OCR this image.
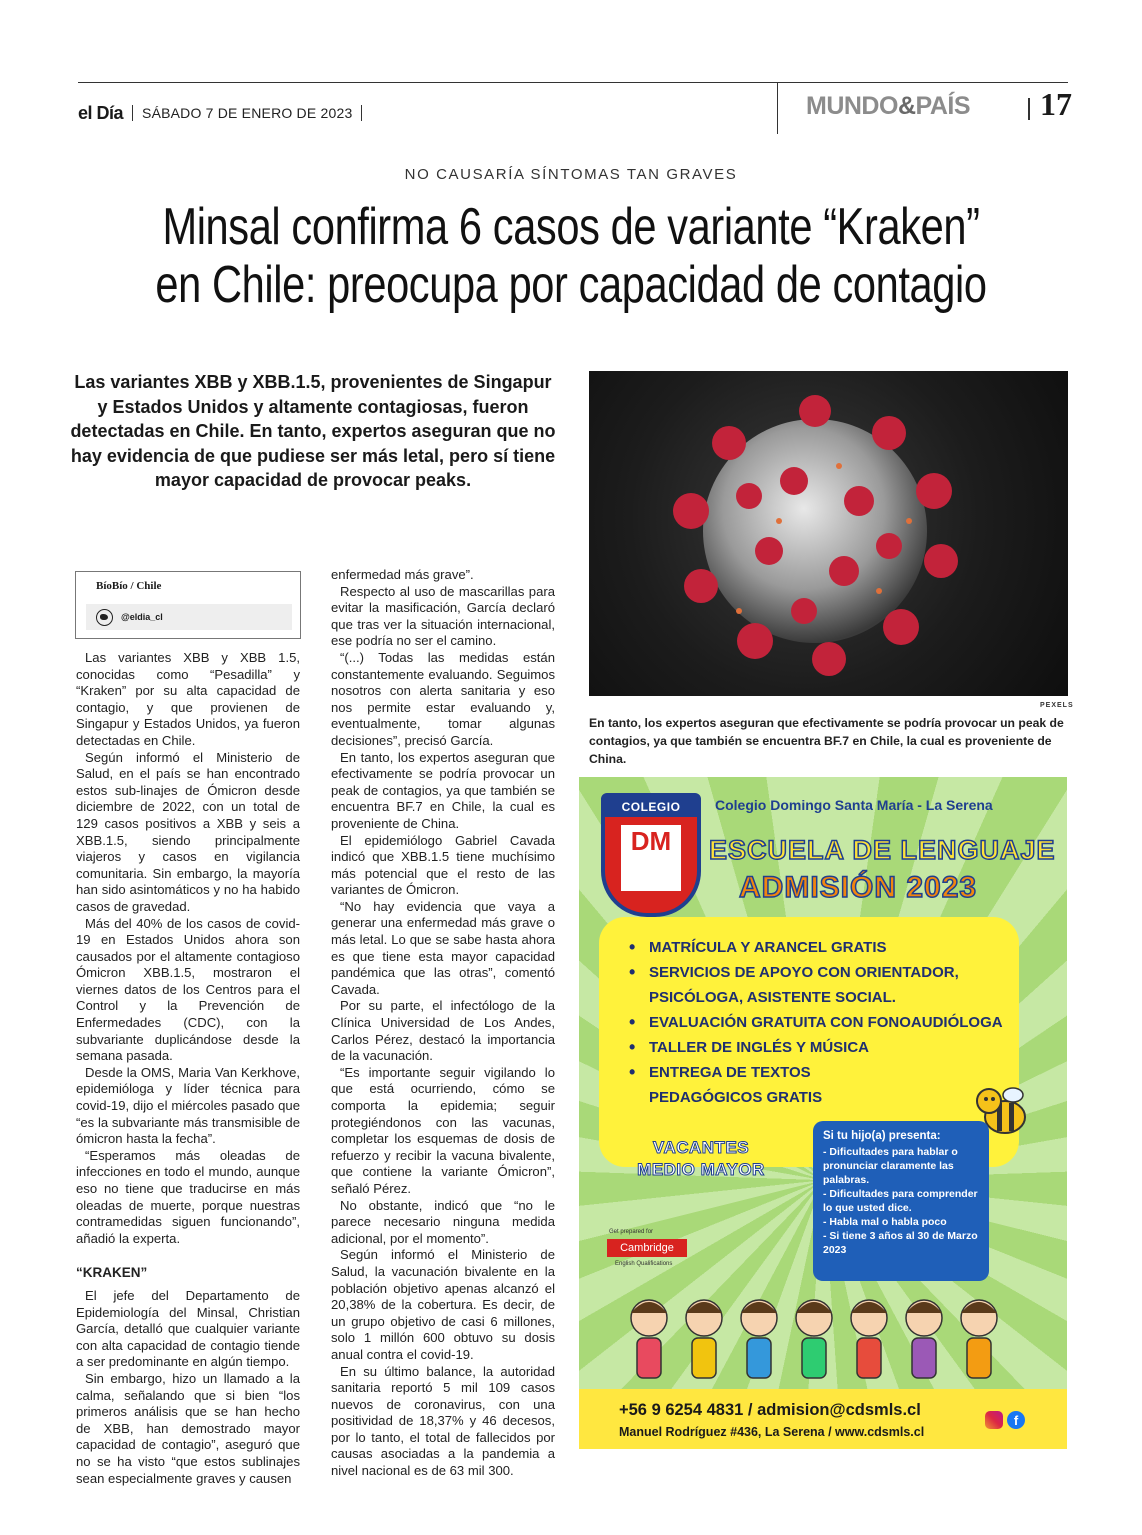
el Día SÁBADO 7 DE ENERO DE 2023	MUNDO&PAÍS 17
NO CAUSARÍA SÍNTOMAS TAN GRAVES
Minsal confirma 6 casos de variante “Kraken”
en Chile: preocupa por capacidad de contagio
Las variantes XBB y XBB.1.5, provenientes de Singapur y Estados Unidos y altamente contagiosas, fueron detectadas en Chile. En tanto, expertos aseguran que no hay evidencia de que pudiese ser más letal, pero sí tiene mayor capacidad de provocar peaks.
PEXELS
En tanto, los expertos aseguran que efectivamente se podría provocar un peak de contagios, ya que también se encuentra BF.7 en Chile, la cual es proveniente de China.
BíoBío / Chile
@eldia_cl

Las variantes XBB y XBB 1.5, conocidas como “Pesadilla” y “Kraken” por su alta capacidad de contagio, y que provienen de Singapur y Estados Unidos, ya fueron detectadas en Chile.

Según informó el Ministerio de Salud, en el país se han encontrado estos sub-linajes de Ómicron desde diciembre de 2022, con un total de 129 casos positivos a XBB y seis a XBB.1.5, siendo principalmente viajeros y casos en vigilancia comunitaria. Sin embargo, la mayoría han sido asintomáticos y no ha habido casos de gravedad.

Más del 40% de los casos de covid-19 en Estados Unidos ahora son causados por el altamente contagioso Ómicron XBB.1.5, mostraron el viernes datos de los Centros para el Control y la Prevención de Enfermedades (CDC), con la subvariante duplicándose desde la semana pasada.

Desde la OMS, Maria Van Kerkhove, epidemióloga y líder técnica para covid-19, dijo el miércoles pasado que “es la subvariante más transmisible de ómicron hasta la fecha”.

“Esperamos más oleadas de infecciones en todo el mundo, aunque eso no tiene que traducirse en más oleadas de muerte, porque nuestras contramedidas siguen funcionando”, añadió la experta.

“KRAKEN”

El jefe del Departamento de Epidemiología del Minsal, Christian García, detalló que cualquier variante con alta capacidad de contagio tiende a ser predominante en algún tiempo.

Sin embargo, hizo un llamado a la calma, señalando que si bien “los primeros análisis que se han hecho de XBB, han demostrado mayor capacidad de contagio”, aseguró que no se ha visto “que estos sublinajes sean especialmente graves y causen

enfermedad más grave”.

Respecto al uso de mascarillas para evitar la masificación, García declaró que tras ver la situación internacional, ese podría no ser el camino.

“(...) Todas las medidas están constantemente evaluando. Seguimos nosotros con alerta sanitaria y eso nos permite estar evaluando y, eventualmente, tomar algunas decisiones”, precisó García.

En tanto, los expertos aseguran que efectivamente se podría provocar un peak de contagios, ya que también se encuentra BF.7 en Chile, la cual es proveniente de China.

El epidemiólogo Gabriel Cavada indicó que XBB.1.5 tiene muchísimo más potencial que el resto de las variantes de Ómicron.

“No hay evidencia que vaya a generar una enfermedad más grave o más letal. Lo que se sabe hasta ahora es que tiene esta mayor capacidad pandémica que las otras”, comentó Cavada.

Por su parte, el infectólogo de la Clínica Universidad de Los Andes, Carlos Pérez, destacó la importancia de la vacunación.

“Es importante seguir vigilando lo que está ocurriendo, cómo se comporta la epidemia; seguir protegiéndonos con las vacunas, completar los esquemas de dosis de refuerzo y recibir la vacuna bivalente, que contiene la variante Ómicron”, señaló Pérez.

No obstante, indicó que “no le parece necesario ninguna medida adicional, por el momento”.

Según informó el Ministerio de Salud, la vacunación bivalente en la población objetivo apenas alcanzó el 20,38% de la cobertura. Es decir, de un grupo objetivo de casi 6 millones, solo 1 millón 600 obtuvo su dosis anual contra el covid-19.

En su último balance, la autoridad sanitaria reportó 5 mil 109 casos nuevos de coronavirus, con una positividad de 18,37% y 46 decesos, por lo tanto, el total de fallecidos por causas asociadas a la pandemia a nivel nacional es de 63 mil 300.

COLEGIO
DM
Colegio Domingo Santa María - La Serena
ESCUELA DE LENGUAJE
ADMISIÓN 2023
• MATRÍCULA Y ARANCEL GRATIS
• SERVICIOS DE APOYO CON ORIENTADOR,
PSICÓLOGA, ASISTENTE SOCIAL.
• EVALUACIÓN GRATUITA CON FONOAUDIÓLOGA
• TALLER DE INGLÉS Y MÚSICA
• ENTREGA DE TEXTOS
PEDAGÓGICOS GRATIS
VACANTES
MEDIO MAYOR
Si tu hijo(a) presenta:
- Dificultades para hablar o pronunciar claramente las palabras.
- Dificultades para comprender lo que usted dice.
- Habla mal o habla poco
- Si tiene 3 años al 30 de Marzo 2023
Get prepared for
Cambridge
English Qualifications
+56 9 6254 4831 / admision@cdsmls.cl
Manuel Rodríguez #436, La Serena / www.cdsmls.cl
f
